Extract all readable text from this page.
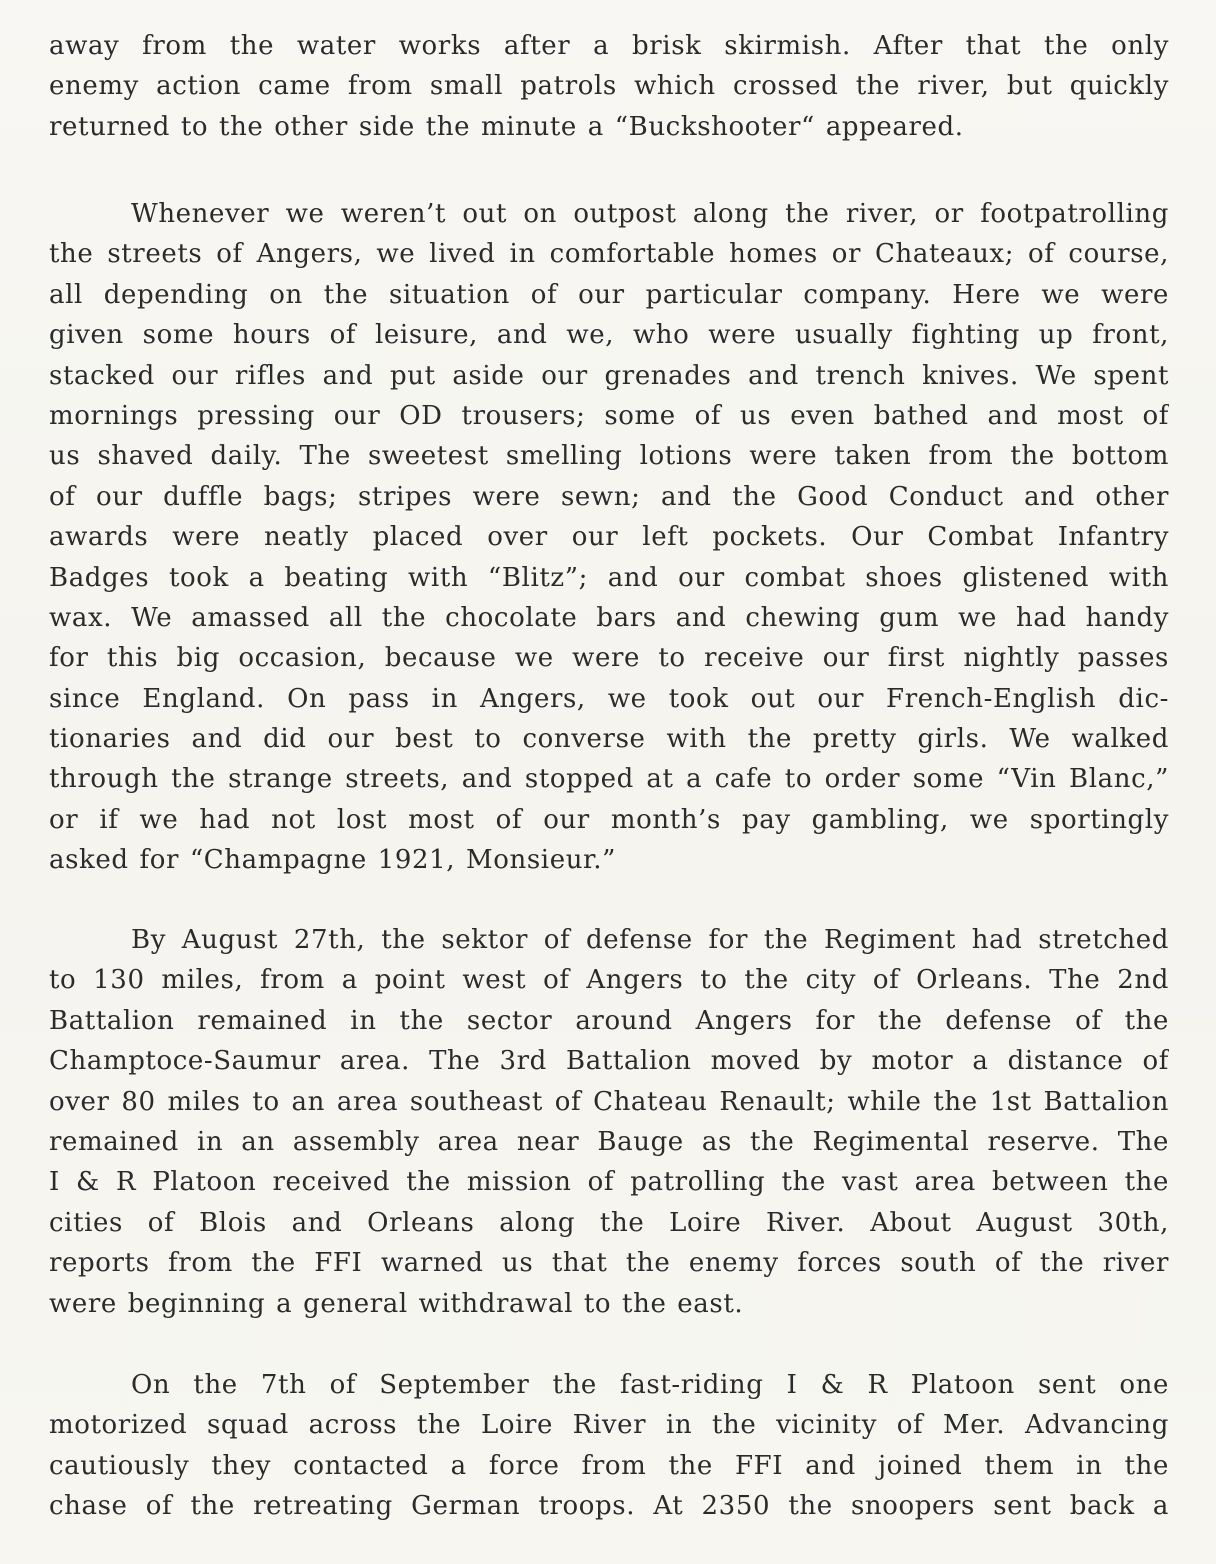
away from the water works after a brisk skirmish. After that the only
enemy action came from small patrols which crossed the river, but quickly
returned to the other side the minute a “Buckshooter“ appeared.
Whenever we weren’t out on outpost along the river, or footpatrolling
the streets of Angers, we lived in comfortable homes or Chateaux; of course,
all depending on the situation of our particular company. Here we were
given some hours of leisure, and we, who were usually fighting up front,
stacked our rifles and put aside our grenades and trench knives. We spent
mornings pressing our OD trousers; some of us even bathed and most of
us shaved daily. The sweetest smelling lotions were taken from the bottom
of our duffle bags; stripes were sewn; and the Good Conduct and other
awards were neatly placed over our left pockets. Our Combat Infantry
Badges took a beating with “Blitz”; and our combat shoes glistened with
wax. We amassed all the chocolate bars and chewing gum we had handy
for this big occasion, because we were to receive our first nightly passes
since England. On pass in Angers, we took out our French-English dic-
tionaries and did our best to converse with the pretty girls. We walked
through the strange streets, and stopped at a cafe to order some “Vin Blanc,”
or if we had not lost most of our month’s pay gambling, we sportingly
asked for “Champagne 1921, Monsieur.”
By August 27th, the sektor of defense for the Regiment had stretched
to 130 miles, from a point west of Angers to the city of Orleans. The 2nd
Battalion remained in the sector around Angers for the defense of the
Champtoce-Saumur area. The 3rd Battalion moved by motor a distance of
over 80 miles to an area southeast of Chateau Renault; while the 1st Battalion
remained in an assembly area near Bauge as the Regimental reserve. The
I & R Platoon received the mission of patrolling the vast area between the
cities of Blois and Orleans along the Loire River. About August 30th,
reports from the FFI warned us that the enemy forces south of the river
were beginning a general withdrawal to the east.
On the 7th of September the fast-riding I & R Platoon sent one
motorized squad across the Loire River in the vicinity of Mer. Advancing
cautiously they contacted a force from the FFI and joined them in the
chase of the retreating German troops. At 2350 the snoopers sent back a
